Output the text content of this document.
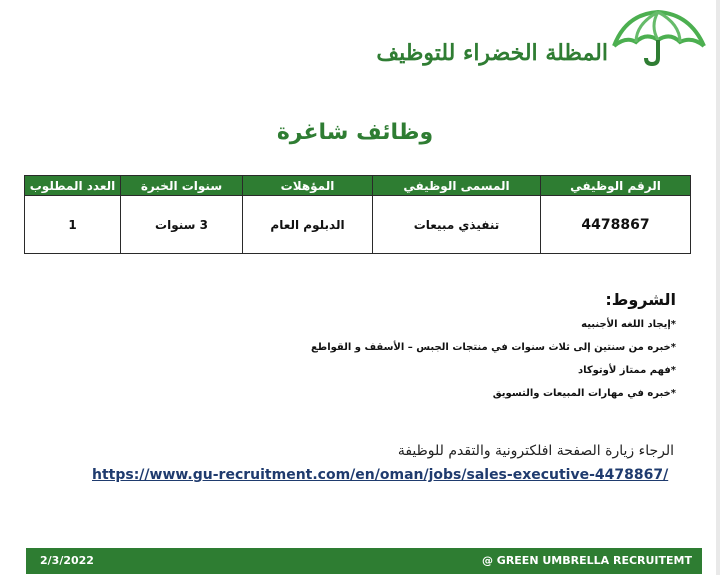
المظلة الخضراء للتوظيف
وظائف شاغرة
الرقم الوظيفي	المسمى الوظيفي	المؤهلات	سنوات الخبرة	العدد المطلوب
4478867	تنفيذي مبيعات	الدبلوم العام	3 سنوات	1
الشروط:
*إيجاد اللغه الأجنبيه
*خبره من سنتين إلى ثلاث سنوات في منتجات الجبس – الأسقف و القواطع
*فهم ممتاز لأوتوكاد
*خبره في مهارات المبيعات والتسويق
الرجاء زيارة الصفحة افلكترونية والتقدم للوظيفة
https://www.gu-recruitment.com/en/oman/jobs/sales-executive-4478867/
2/3/2022	@ GREEN UMBRELLA RECRUITEMT
